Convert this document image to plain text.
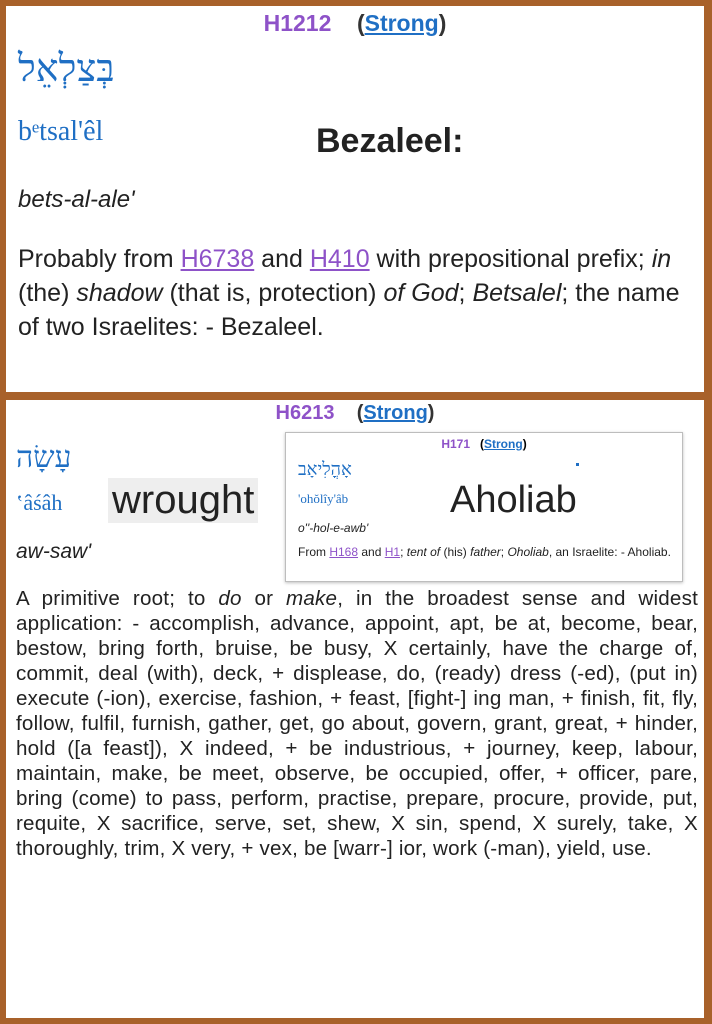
H1212 (Strong)
בְּצַלְאֵל
bᵉtsal'êl	Bezaleel:
bets-al-ale'
Probably from H6738 and H410 with prepositional prefix; in (the) shadow (that is, protection) of God; Betsalel; the name of two Israelites: - Bezaleel.
H6213 (Strong)
עָשָׂה
‛âśâh wrought
aw-saw'
A primitive root; to do or make, in the broadest sense and widest application: - accomplish, advance, appoint, apt, be at, become, bear, bestow, bring forth, bruise, be busy, X certainly, have the charge of, commit, deal (with), deck, + displease, do, (ready) dress (-ed), (put in) execute (-ion), exercise, fashion, + feast, [fight-] ing man, + finish, fit, fly, follow, fulfil, furnish, gather, get, go about, govern, grant, great, + hinder, hold ([a feast]), X indeed, + be industrious, + journey, keep, labour, maintain, make, be meet, observe, be occupied, offer, + officer, pare, bring (come) to pass, perform, practise, prepare, procure, provide, put, requite, X sacrifice, serve, set, shew, X sin, spend, X surely, take, X thoroughly, trim, X very, + vex, be [warr-] ior, work (-man), yield, use.
H171 (Strong)
אָהֳלִיאָב
'ohŏlîy'âb	Aholiab
o''-hol-e-awb'
From H168 and H1; tent of (his) father; Oholiab, an Israelite: - Aholiab.
